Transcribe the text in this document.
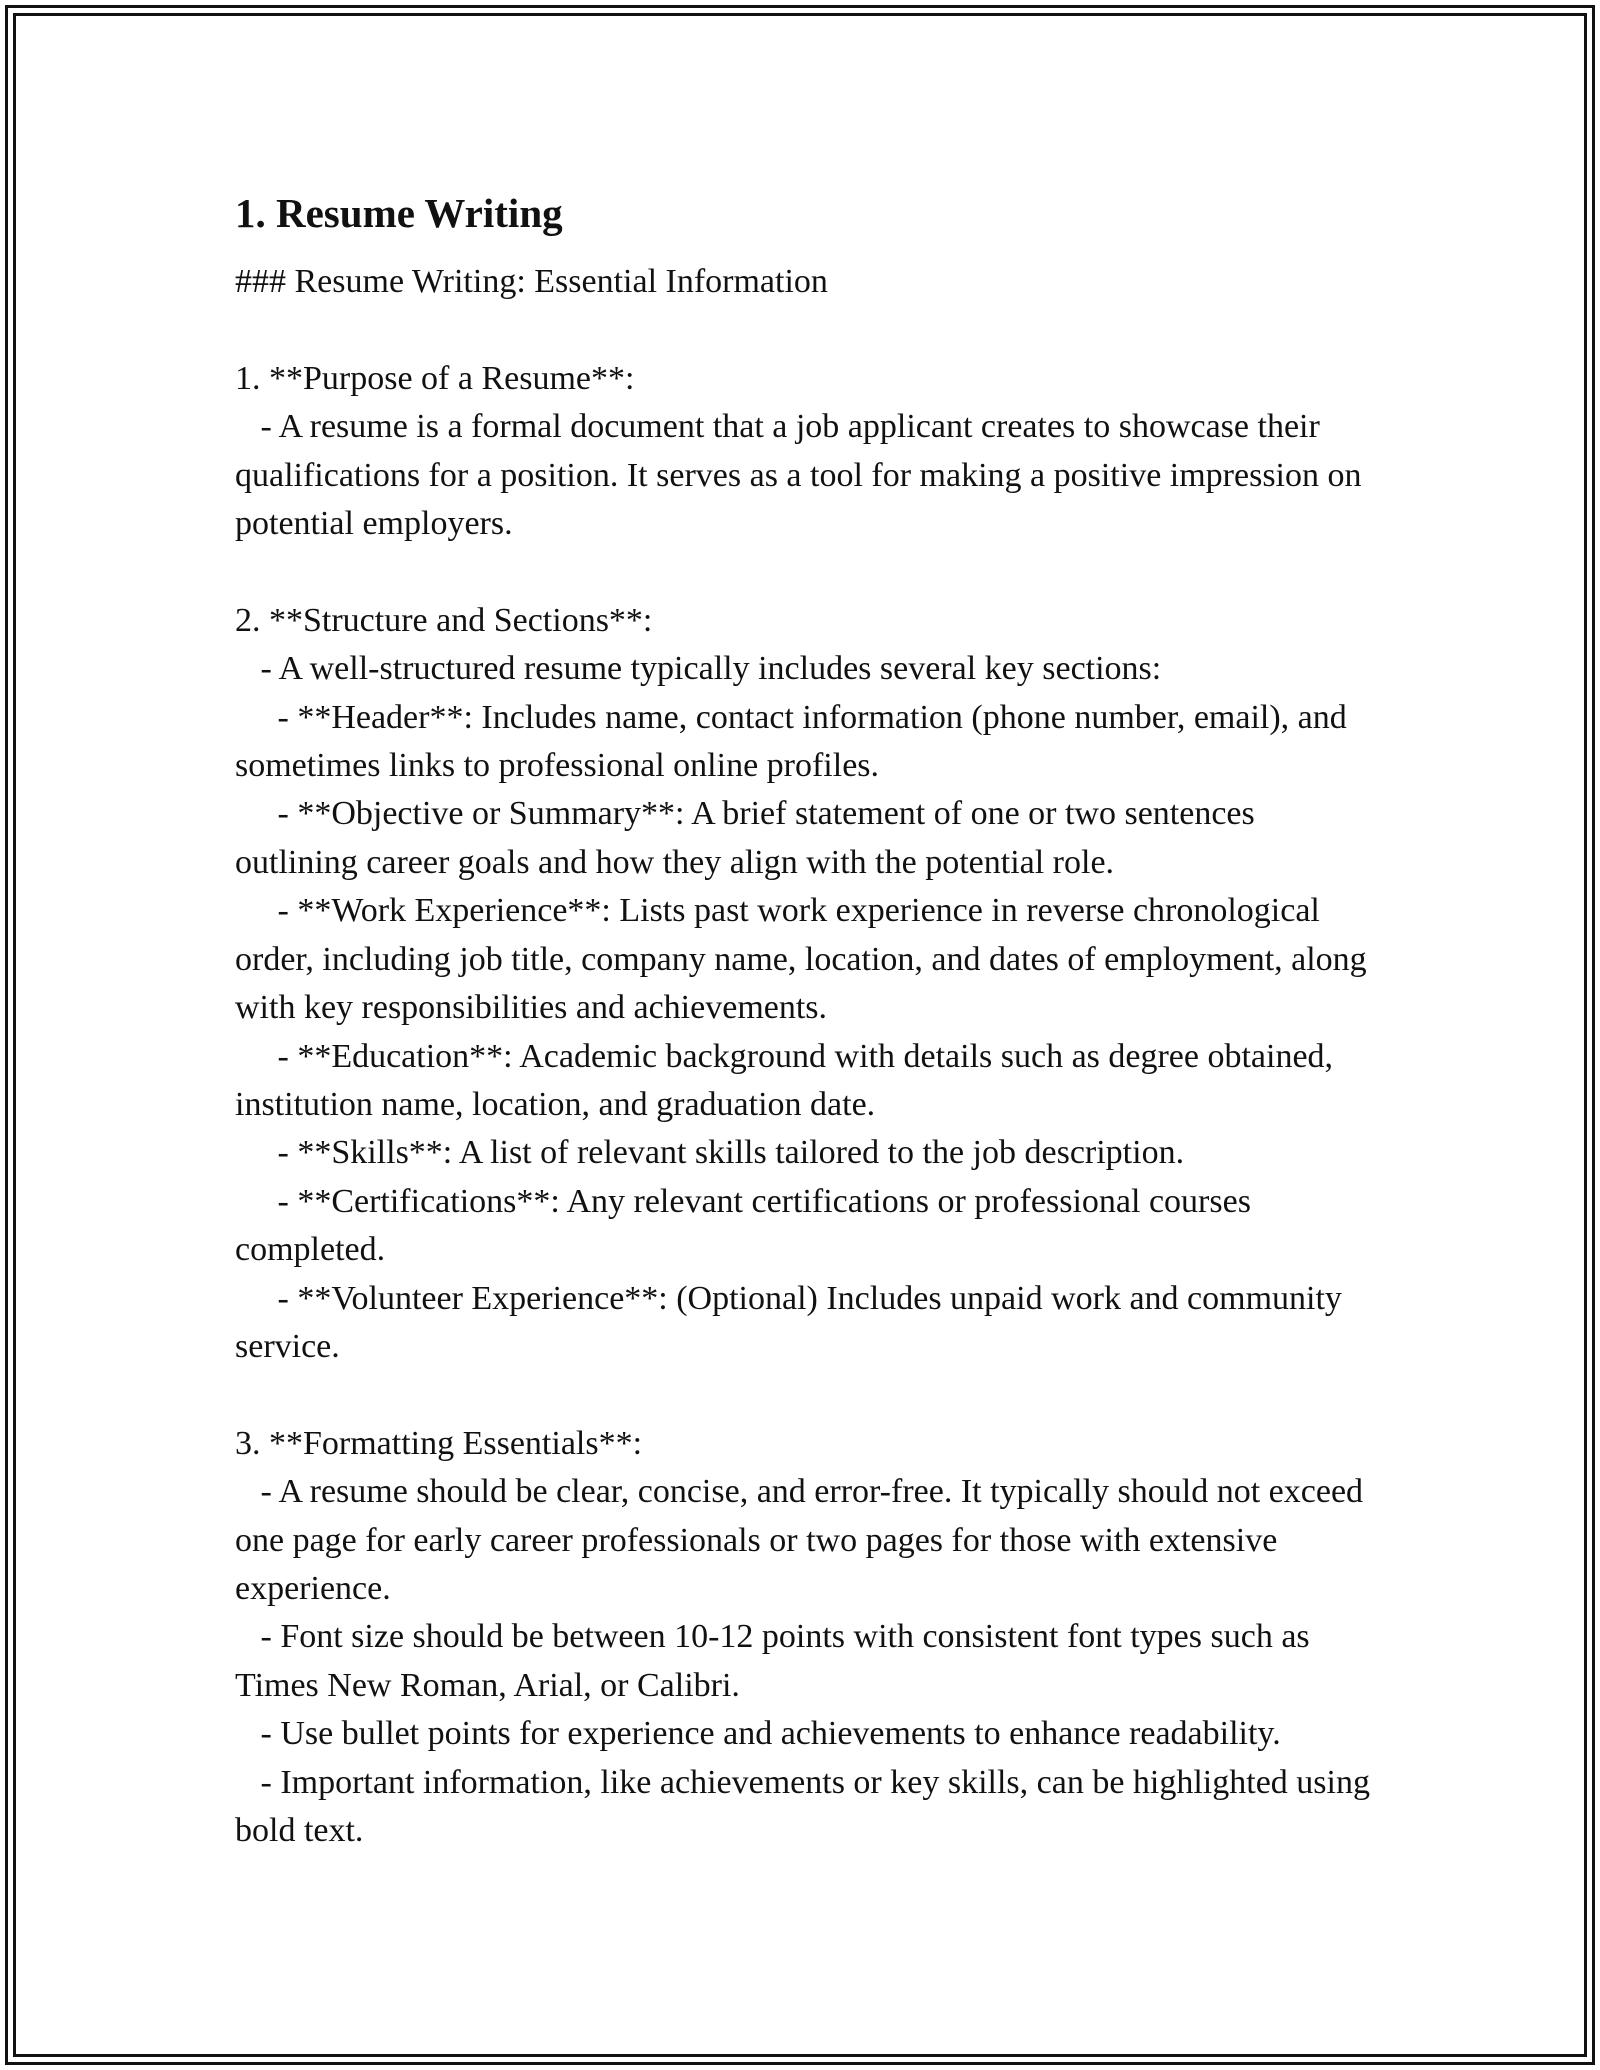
1. Resume Writing

### Resume Writing: Essential Information

1. **Purpose of a Resume**:
- A resume is a formal document that a job applicant creates to showcase their qualifications for a position. It serves as a tool for making a positive impression on potential employers.

2. **Structure and Sections**:
- A well-structured resume typically includes several key sections:
- **Header**: Includes name, contact information (phone number, email), and sometimes links to professional online profiles.
- **Objective or Summary**: A brief statement of one or two sentences outlining career goals and how they align with the potential role.
- **Work Experience**: Lists past work experience in reverse chronological order, including job title, company name, location, and dates of employment, along with key responsibilities and achievements.
- **Education**: Academic background with details such as degree obtained, institution name, location, and graduation date.
- **Skills**: A list of relevant skills tailored to the job description.
- **Certifications**: Any relevant certifications or professional courses completed.
- **Volunteer Experience**: (Optional) Includes unpaid work and community service.

3. **Formatting Essentials**:
- A resume should be clear, concise, and error-free. It typically should not exceed one page for early career professionals or two pages for those with extensive experience.
- Font size should be between 10-12 points with consistent font types such as Times New Roman, Arial, or Calibri.
- Use bullet points for experience and achievements to enhance readability.
- Important information, like achievements or key skills, can be highlighted using bold text.
